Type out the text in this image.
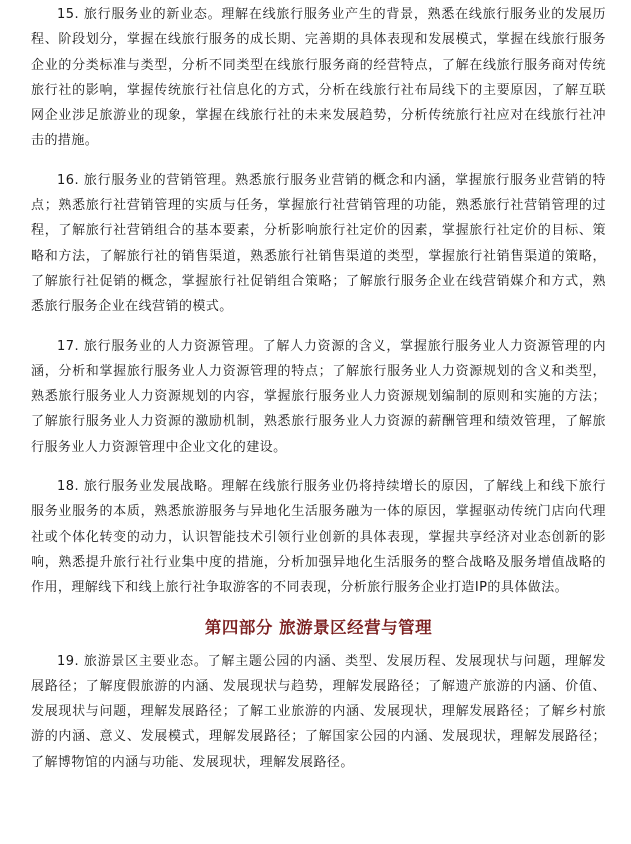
15. 旅行服务业的新业态。理解在线旅行服务业产生的背景，熟悉在线旅行服务业的发展历程、阶段划分，掌握在线旅行服务的成长期、完善期的具体表现和发展模式，掌握在线旅行服务企业的分类标准与类型，分析不同类型在线旅行服务商的经营特点，了解在线旅行服务商对传统旅行社的影响，掌握传统旅行社信息化的方式，分析在线旅行社布局线下的主要原因，了解互联网企业涉足旅游业的现象，掌握在线旅行社的未来发展趋势，分析传统旅行社应对在线旅行社冲击的措施。

16. 旅行服务业的营销管理。熟悉旅行服务业营销的概念和内涵，掌握旅行服务业营销的特点；熟悉旅行社营销管理的实质与任务，掌握旅行社营销管理的功能，熟悉旅行社营销管理的过程，了解旅行社营销组合的基本要素，分析影响旅行社定价的因素，掌握旅行社定价的目标、策略和方法，了解旅行社的销售渠道，熟悉旅行社销售渠道的类型，掌握旅行社销售渠道的策略，了解旅行社促销的概念，掌握旅行社促销组合策略；了解旅行服务企业在线营销媒介和方式，熟悉旅行服务企业在线营销的模式。

17. 旅行服务业的人力资源管理。了解人力资源的含义，掌握旅行服务业人力资源管理的内涵，分析和掌握旅行服务业人力资源管理的特点；了解旅行服务业人力资源规划的含义和类型，熟悉旅行服务业人力资源规划的内容，掌握旅行服务业人力资源规划编制的原则和实施的方法；了解旅行服务业人力资源的激励机制，熟悉旅行服务业人力资源的薪酬管理和绩效管理，了解旅行服务业人力资源管理中企业文化的建设。

18. 旅行服务业发展战略。理解在线旅行服务业仍将持续增长的原因，了解线上和线下旅行服务业服务的本质，熟悉旅游服务与异地化生活服务融为一体的原因，掌握驱动传统门店向代理社或个体化转变的动力，认识智能技术引领行业创新的具体表现，掌握共享经济对业态创新的影响，熟悉提升旅行社行业集中度的措施，分析加强异地化生活服务的整合战略及服务增值战略的作用，理解线下和线上旅行社争取游客的不同表现，分析旅行服务企业打造IP的具体做法。

第四部分 旅游景区经营与管理

19. 旅游景区主要业态。了解主题公园的内涵、类型、发展历程、发展现状与问题，理解发展路径；了解度假旅游的内涵、发展现状与趋势，理解发展路径；了解遗产旅游的内涵、价值、发展现状与问题，理解发展路径；了解工业旅游的内涵、发展现状，理解发展路径；了解乡村旅游的内涵、意义、发展模式，理解发展路径；了解国家公园的内涵、发展现状，理解发展路径；了解博物馆的内涵与功能、发展现状，理解发展路径。
